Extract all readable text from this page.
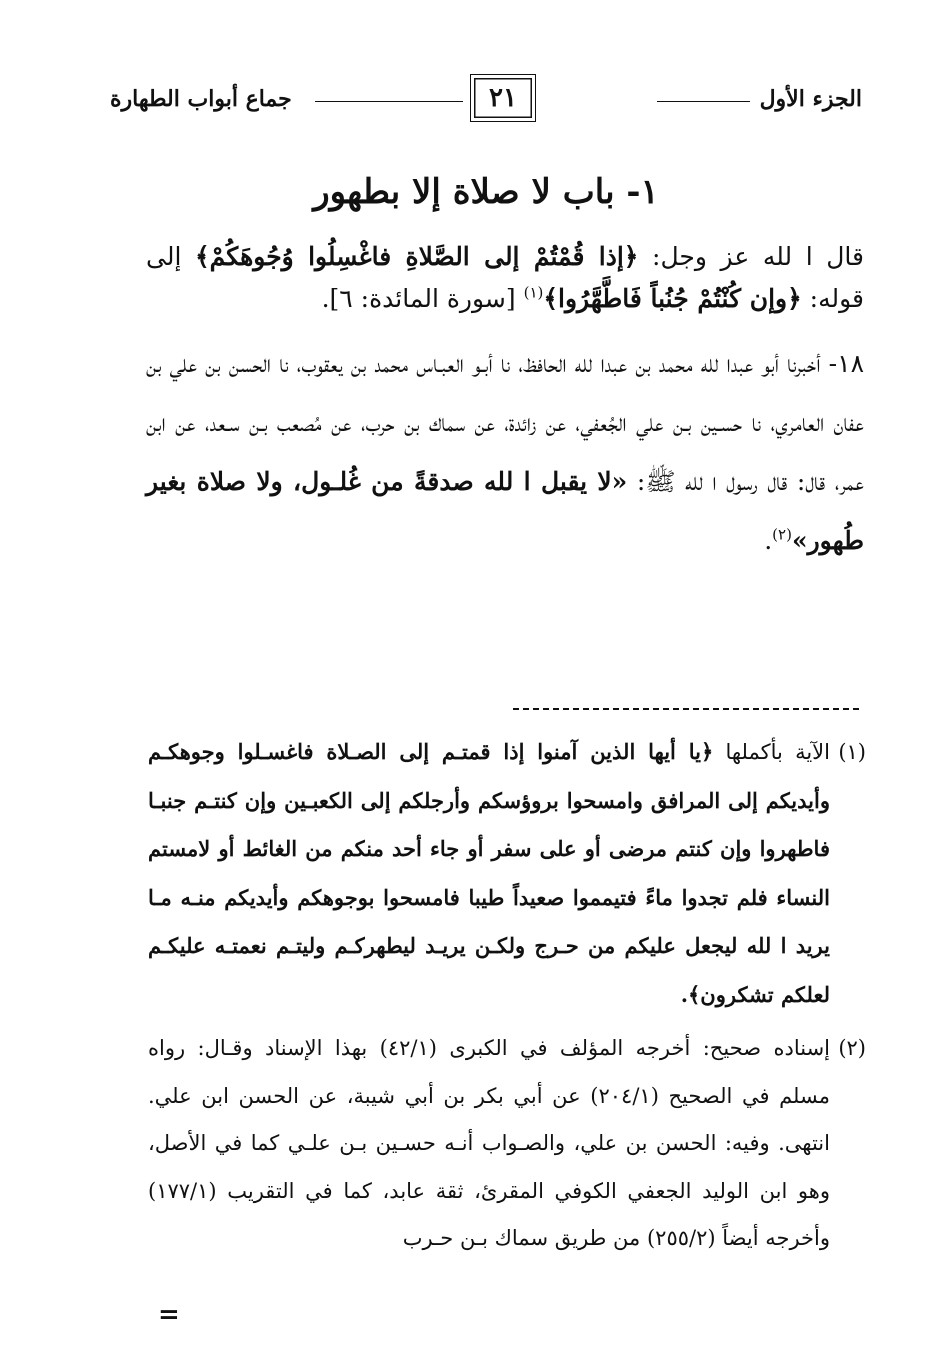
الجزء الأول
٢١
جماع أبواب الطهارة
١- باب لا صلاة إلا بطهور

قال ا لله عز وجل: ﴿إذا قُمْتُمْ إلى الصَّلاةِ فاغْسِلُوا وُجُوهَكُمْ﴾ إلى قوله: ﴿وإن كُنْتُمْ جُنُباً فَاطَّهَّرُوا﴾$^{(١)}$ [سورة المائدة: ٦].

١٨- أخبرنا أبو عبدا لله محمد بن عبدا لله الحافظ، نا أبـو العبـاس محمد بن يعقوب، نا الحسن بن علي بن عفان العامري، نا حسـين بـن علي الجُعفي، عن زائدة، عن سماك بن حرب، عن مُصعب بـن سـعد، عن ابن عمر، قال: قال رسول ا لله ﷺ: «لا يقبل ا لله صدقةً من غُلـول، ولا صلاة بغير طُهور»$^{(٢)}$.

(١)
الآية بأكملها ﴿يا أيها الذين آمنوا إذا قمتـم إلى الصـلاة فاغسـلوا وجوهكـم وأيديكم إلى المرافق وامسحوا بروؤسكم وأرجلكم إلى الكعبـين وإن كنتـم جنبـا فاطهروا وإن كنتم مرضى أو على سفر أو جاء أحد منكم من الغائط أو لامستم النساء فلم تجدوا ماءً فتيمموا صعيداً طيبا فامسحوا بوجوهكم وأيديكم منـه مـا يريد ا لله ليجعل عليكم من حـرج ولكـن يريـد ليطهركـم وليتـم نعمتـه عليكـم لعلكم تشكرون﴾.

(٢)
إسناده صحيح: أخرجه المؤلف في الكبرى (٤٢/١) بهذا الإسناد وقـال: رواه مسلم في الصحيح (٢٠٤/١) عن أبي بكر بن أبي شيبة، عن الحسن ابن علي. انتهى. وفيه: الحسن بن علي، والصـواب أنـه حسـين بـن علـي كما في الأصل، وهو ابن الوليد الجعفي الكوفي المقرئ، ثقة عابد، كما في التقريب (١٧٧/١) وأخرجه أيضاً (٢٥٥/٢) من طريق سماك بـن حـرب

=
